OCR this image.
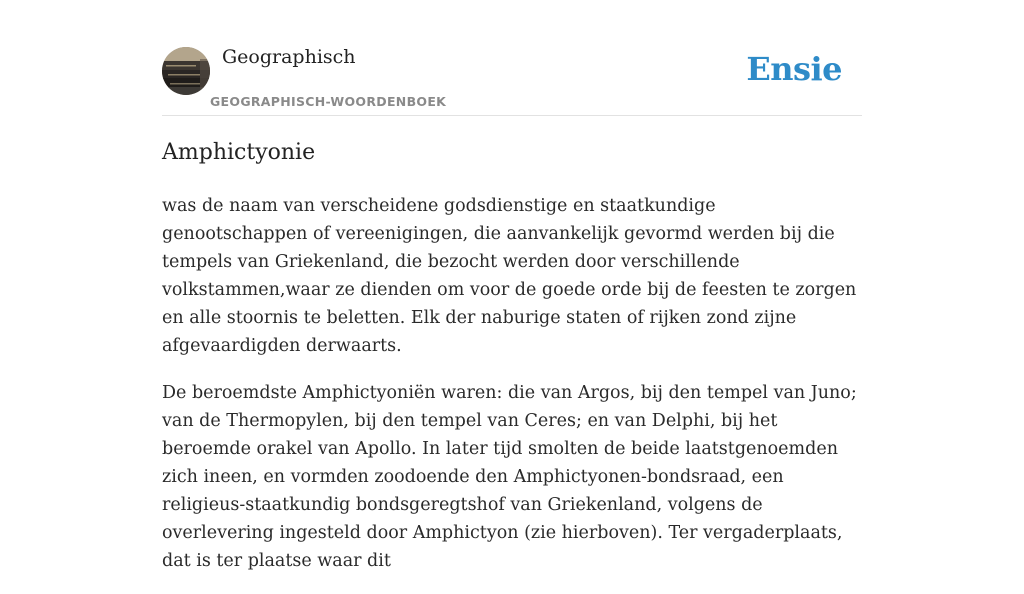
Geographisch
GEOGRAPHISCH-WOORDENBOEK
Ensie
Amphictyonie

was de naam van verscheidene godsdienstige en staatkundige genootschappen of vereenigingen, die aanvankelijk gevormd werden bij die tempels van Griekenland, die bezocht werden door verschillende volkstammen,waar ze dienden om voor de goede orde bij de feesten te zorgen en alle stoornis te beletten. Elk der naburige staten of rijken zond zijne afgevaardigden derwaarts.

De beroemdste Amphictyoniën waren: die van Argos, bij den tempel van Juno; van de Thermopylen, bij den tempel van Ceres; en van Delphi, bij het beroemde orakel van Apollo. In later tijd smolten de beide laatstgenoemden zich ineen, en vormden zoodoende den Amphictyonen-bondsraad, een religieus-staatkundig bondsgeregtshof van Griekenland, volgens de overlevering ingesteld door Amphictyon (zie hierboven). Ter vergaderplaats, dat is ter plaatse waar dit
